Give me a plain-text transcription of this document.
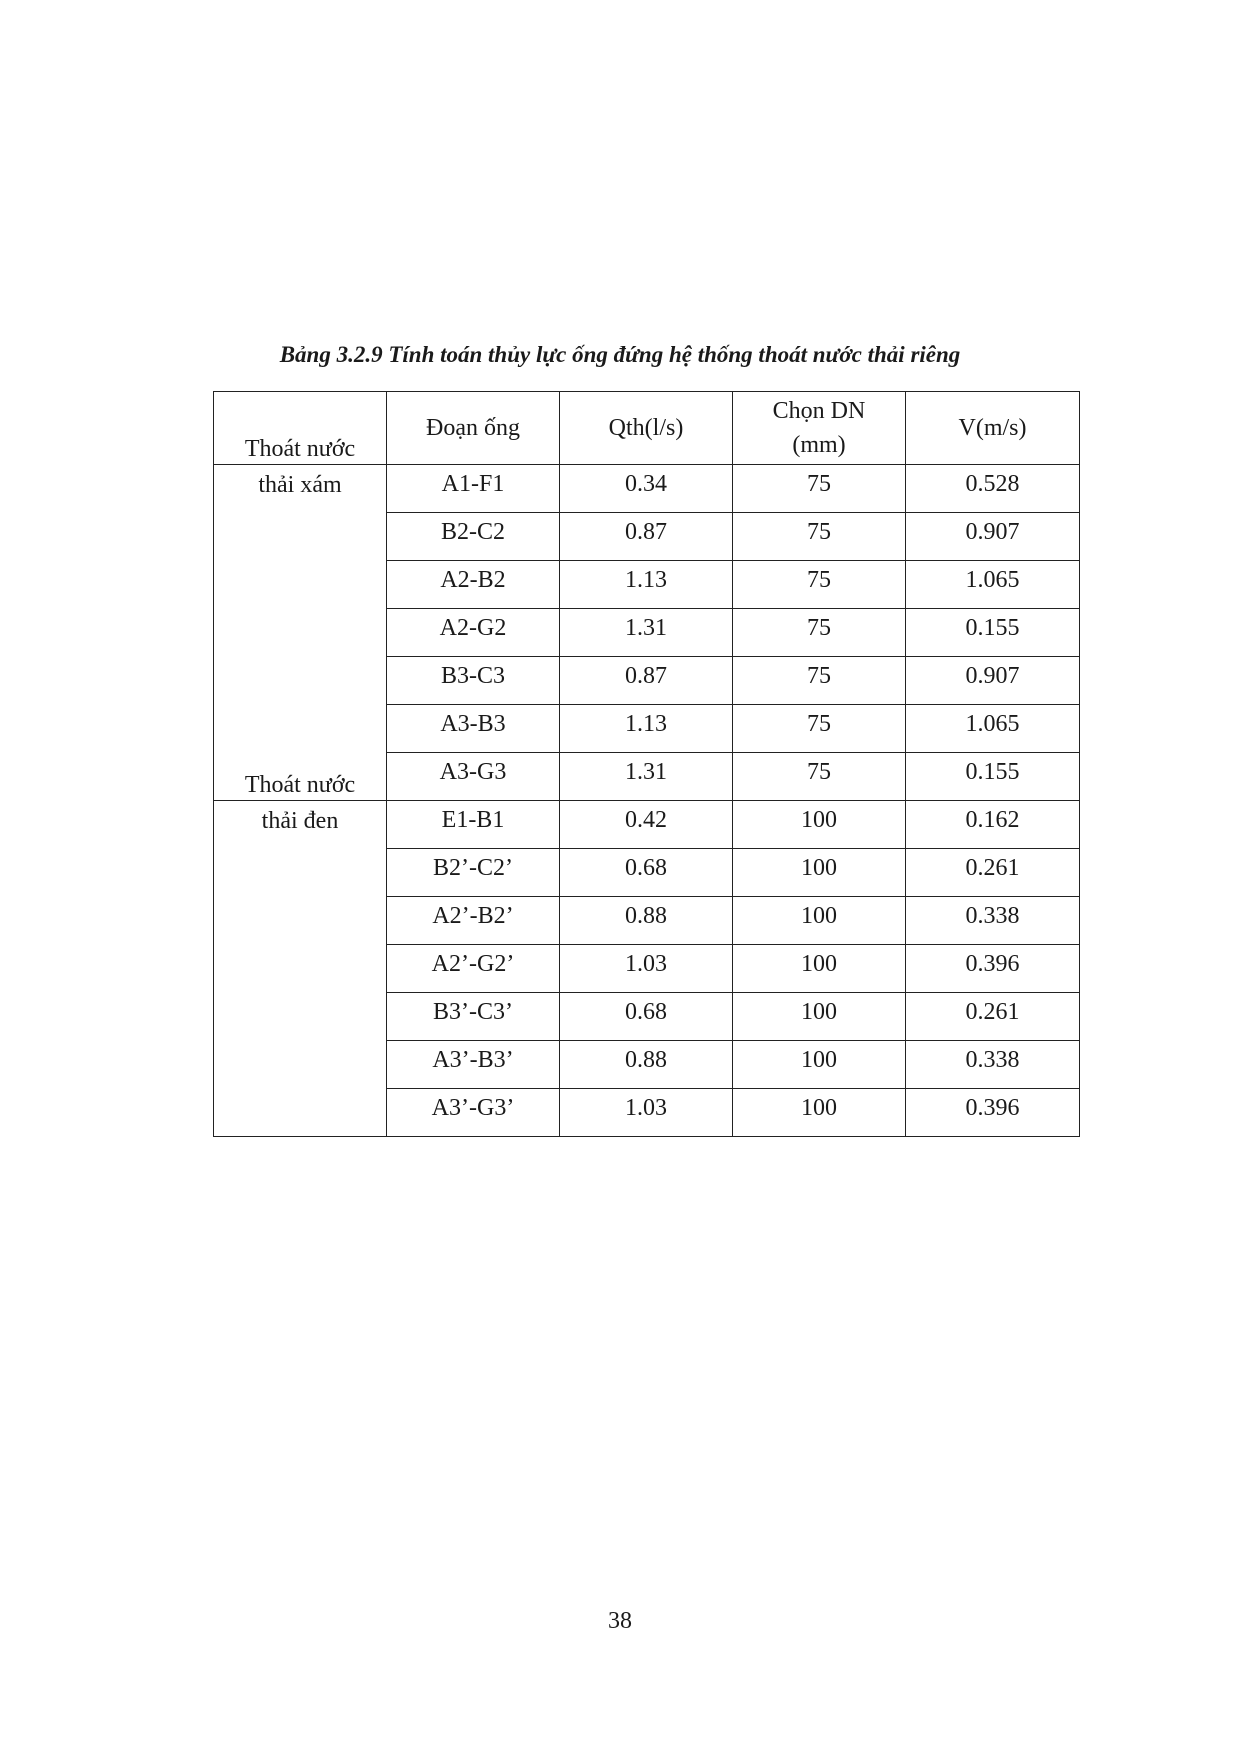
Bảng 3.2.9 Tính toán thủy lực ống đứng hệ thống thoát nước thải riêng
	Đoạn ống	Qth(l/s)	Chọn DN (mm)	V(m/s)
Thoát nước thải xám	A1-F1	0.34	75	0.528
	B2-C2	0.87	75	0.907
	A2-B2	1.13	75	1.065
	A2-G2	1.31	75	0.155
	B3-C3	0.87	75	0.907
	A3-B3	1.13	75	1.065
	A3-G3	1.31	75	0.155
Thoát nước thải đen	E1-B1	0.42	100	0.162
	B2’-C2’	0.68	100	0.261
	A2’-B2’	0.88	100	0.338
	A2’-G2’	1.03	100	0.396
	B3’-C3’	0.68	100	0.261
	A3’-B3’	0.88	100	0.338
	A3’-G3’	1.03	100	0.396
38
